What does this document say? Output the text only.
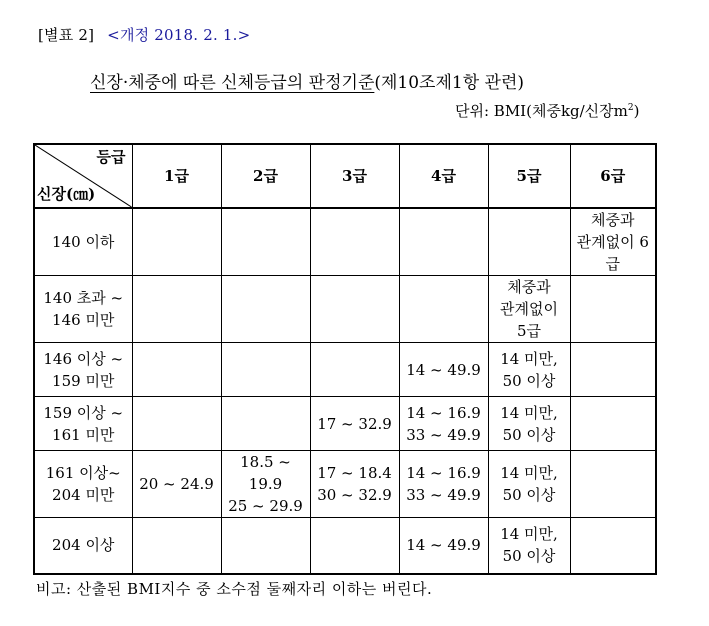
[별표 2] <개정 2018. 2. 1.>
신장·체중에 따른 신체등급의 판정기준(제10조제1항 관련)
단위: BMI(체중kg/신장$m^2$)
등급
신장(㎝)	1급	2급	3급	4급	5급	6급

140 이하						체중과
관계없이 6
급

140 초과 ~
146 미만					체중과
관계없이
5급	

146 이상 ~
159 미만				14 ~ 49.9	14 미만,
50 이상	

159 이상 ~
161 미만			17 ~ 32.9	14 ~ 16.9
33 ~ 49.9	14 미만,
50 이상	

161 이상~
204 미만	20 ~ 24.9	18.5 ~ 19.9
25 ~ 29.9	17 ~ 18.4
30 ~ 32.9	14 ~ 16.9
33 ~ 49.9	14 미만,
50 이상	

204 이상				14 ~ 49.9	14 미만,
50 이상	

비고: 산출된 BMI지수 중 소수점 둘째자리 이하는 버린다.
